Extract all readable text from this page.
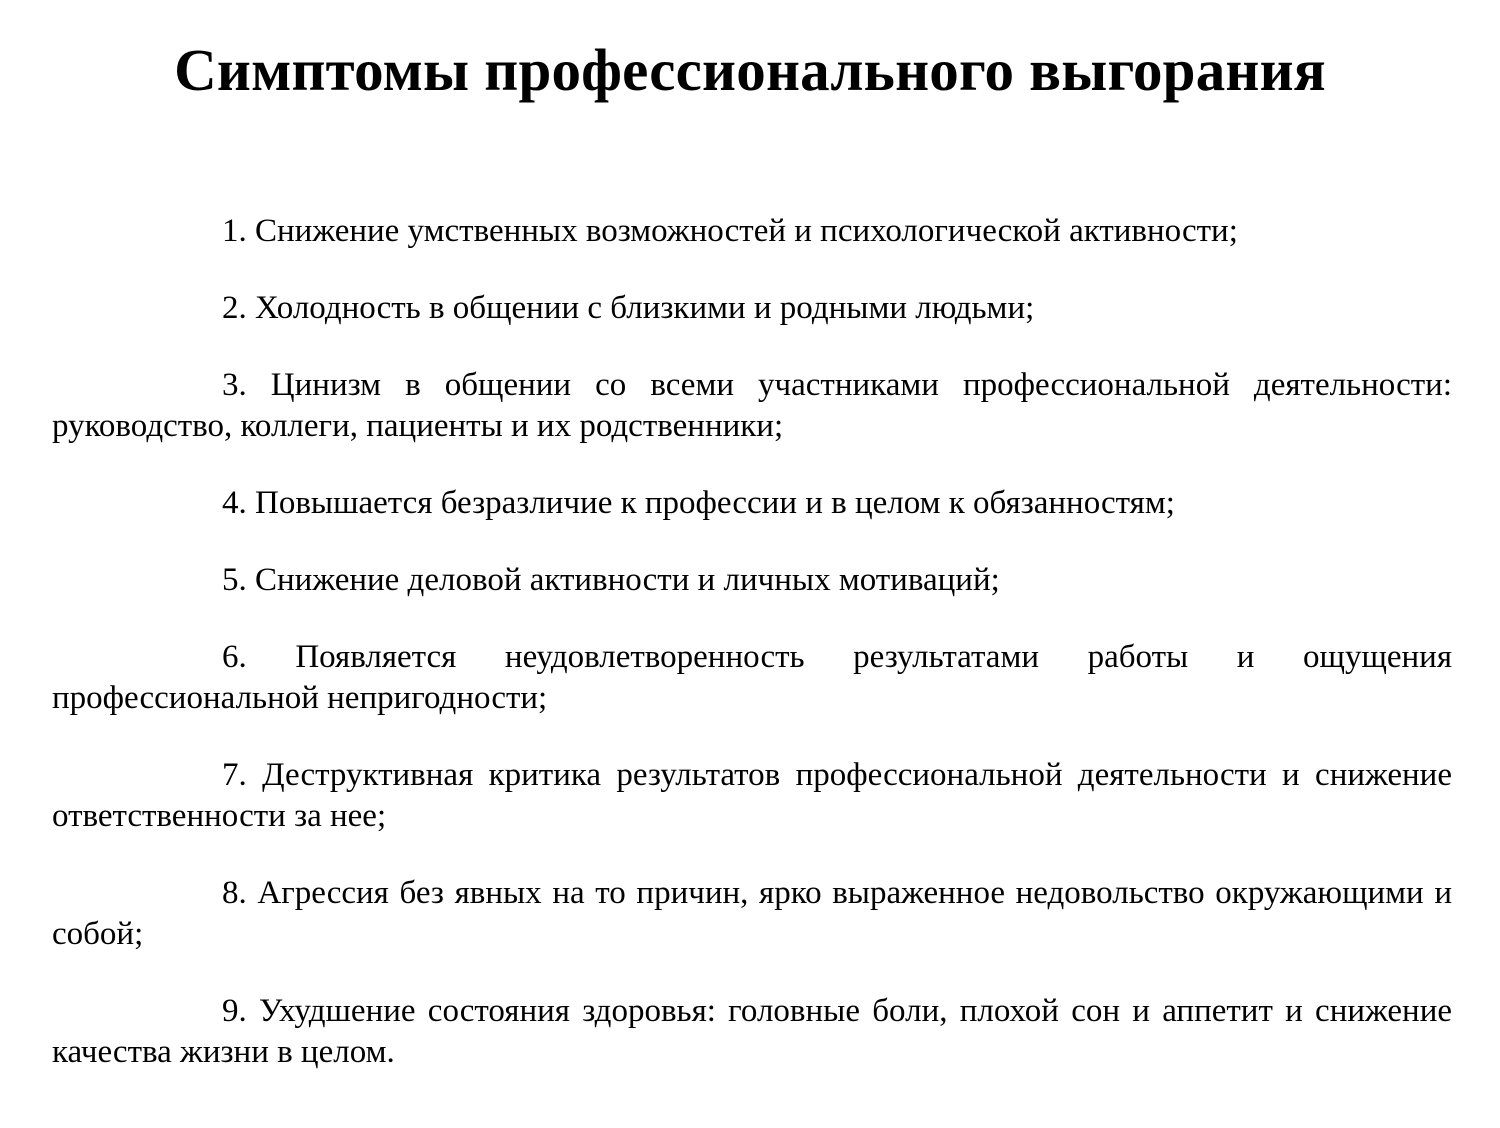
Симптомы профессионального выгорания
1. Снижение умственных возможностей и психологической активности;
2. Холодность в общении с близкими и родными людьми;
3. Цинизм в общении со всеми участниками профессиональной деятельности: руководство, коллеги, пациенты и их родственники;
4. Повышается безразличие к профессии и в целом к обязанностям;
5. Снижение деловой активности и личных мотиваций;
6. Появляется неудовлетворенность результатами работы и ощущения профессиональной непригодности;
7. Деструктивная критика результатов профессиональной деятельности и снижение ответственности за нее;
8. Агрессия без явных на то причин, ярко выраженное недовольство окружающими и собой;
9. Ухудшение состояния здоровья: головные боли, плохой сон и аппетит и снижение качества жизни в целом.
